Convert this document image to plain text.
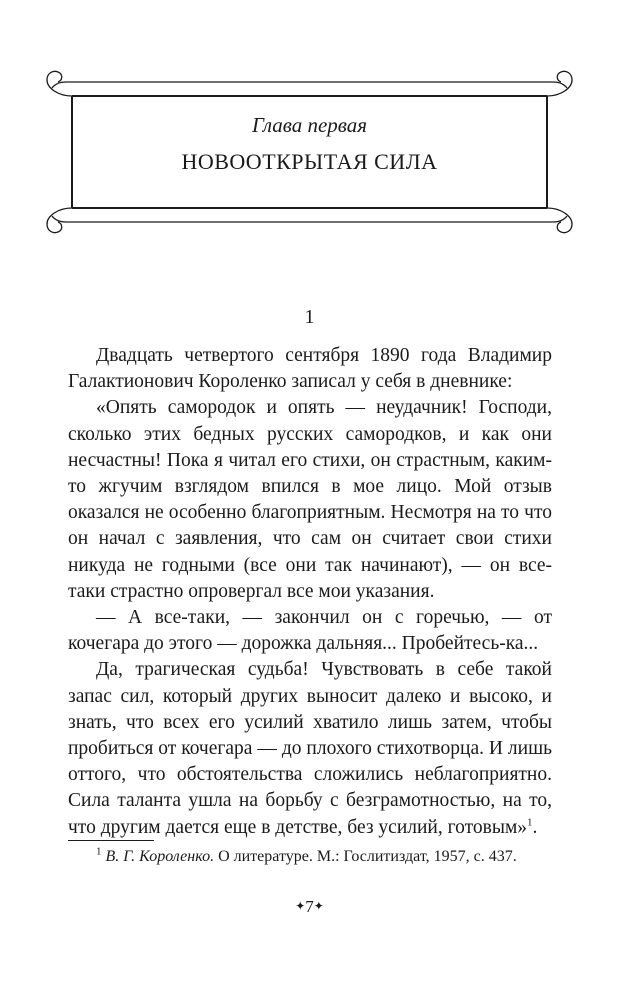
Глава первая
НОВООТКРЫТАЯ СИЛА
1

Двадцать четвертого сентября 1890 года Владимир Галактионович Короленко записал у себя в дневнике:

«Опять самородок и опять — неудачник! Господи, сколько этих бедных русских самородков, и как они несчастны! Пока я читал его стихи, он страстным, каким-то жгучим взглядом впился в мое лицо. Мой отзыв оказался не особенно благоприятным. Несмотря на то что он начал с заявления, что сам он считает свои стихи никуда не годными (все они так начинают), — он все-таки страстно опровергал все мои указания.

— А все-таки, — закончил он с горечью, — от кочегара до этого — дорожка дальняя... Пробейтесь-ка...

Да, трагическая судьба! Чувствовать в себе такой запас сил, который других выносит далеко и высоко, и знать, что всех его усилий хватило лишь затем, чтобы пробиться от кочегара — до плохого стихотворца. И лишь оттого, что обстоятельства сложились неблагоприятно. Сила таланта ушла на борьбу с безграмотностью, на то, что другим дается еще в детстве, без усилий, готовым»$^1$.

$^1$ В. Г. Короленко. О литературе. М.: Гослитиздат, 1957, с. 437.
✦7✦
